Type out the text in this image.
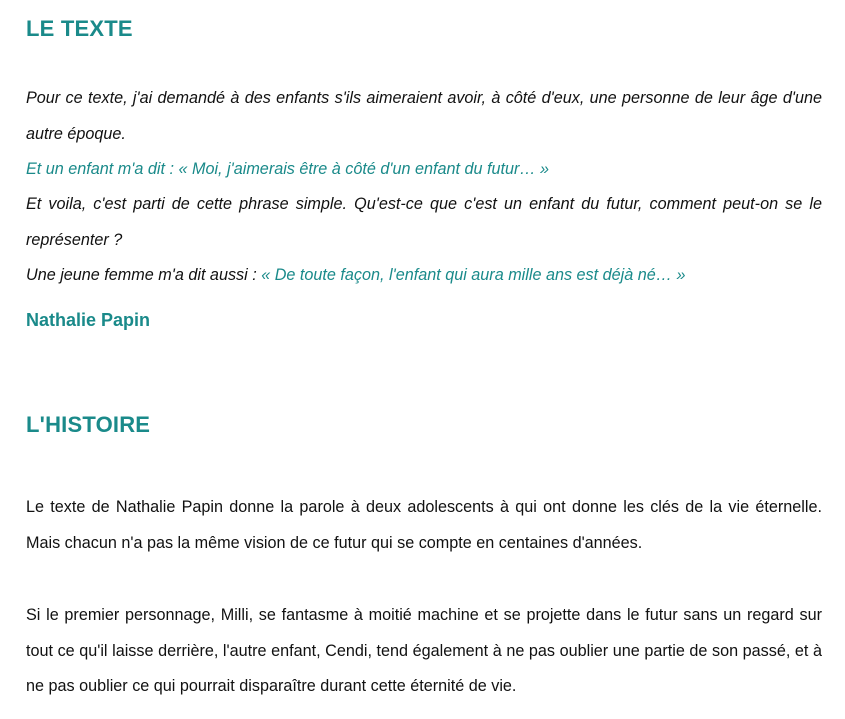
LE TEXTE

Pour ce texte, j'ai demandé à des enfants s'ils aimeraient avoir, à côté d'eux, une personne de leur âge d'une autre époque.

Et un enfant m'a dit : « Moi, j'aimerais être à côté d'un enfant du futur… »

Et voila, c'est parti de cette phrase simple. Qu'est-ce que c'est un enfant du futur, comment peut-on se le représenter ?

Une jeune femme m'a dit aussi : « De toute façon, l'enfant qui aura mille ans est déjà né… »

Nathalie Papin

L'HISTOIRE

Le texte de Nathalie Papin donne la parole à deux adolescents à qui ont donne les clés de la vie éternelle. Mais chacun n'a pas la même vision de ce futur qui se compte en centaines d'années.

Si le premier personnage, Milli, se fantasme à moitié machine et se projette dans le futur sans un regard sur tout ce qu'il laisse derrière, l'autre enfant, Cendi, tend également à ne pas oublier une partie de son passé, et à ne pas oublier ce qui pourrait disparaître durant cette éternité de vie.
